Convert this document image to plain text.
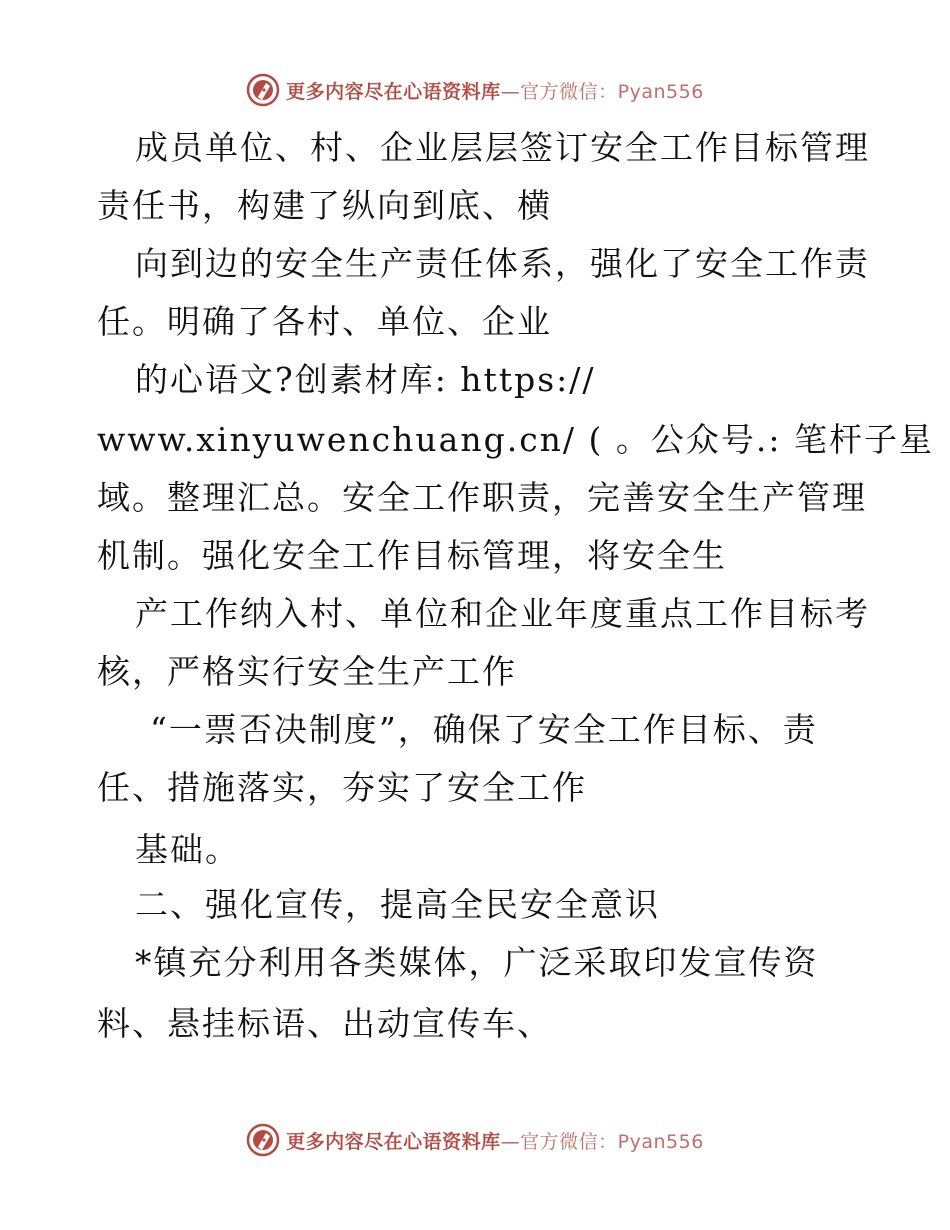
更多内容尽在心语资料库—官方微信：Pyan556
成员单位、村、企业层层签订安全工作目标管理
责任书，构建了纵向到底、横
向到边的安全生产责任体系，强化了安全工作责
任。明确了各村、单位、企业
的心语文?创素材库: https://
www.xinyuwenchuang.cn/ ( 。公众号.: 笔杆子星
域。整理汇总。安全工作职责，完善安全生产管理
机制。强化安全工作目标管理，将安全生
产工作纳入村、单位和企业年度重点工作目标考
核，严格实行安全生产工作
“一票否决制度”，确保了安全工作目标、责
任、措施落实，夯实了安全工作
基础。
二、强化宣传，提高全民安全意识
*镇充分利用各类媒体，广泛采取印发宣传资
料、悬挂标语、出动宣传车、
更多内容尽在心语资料库—官方微信：Pyan556
